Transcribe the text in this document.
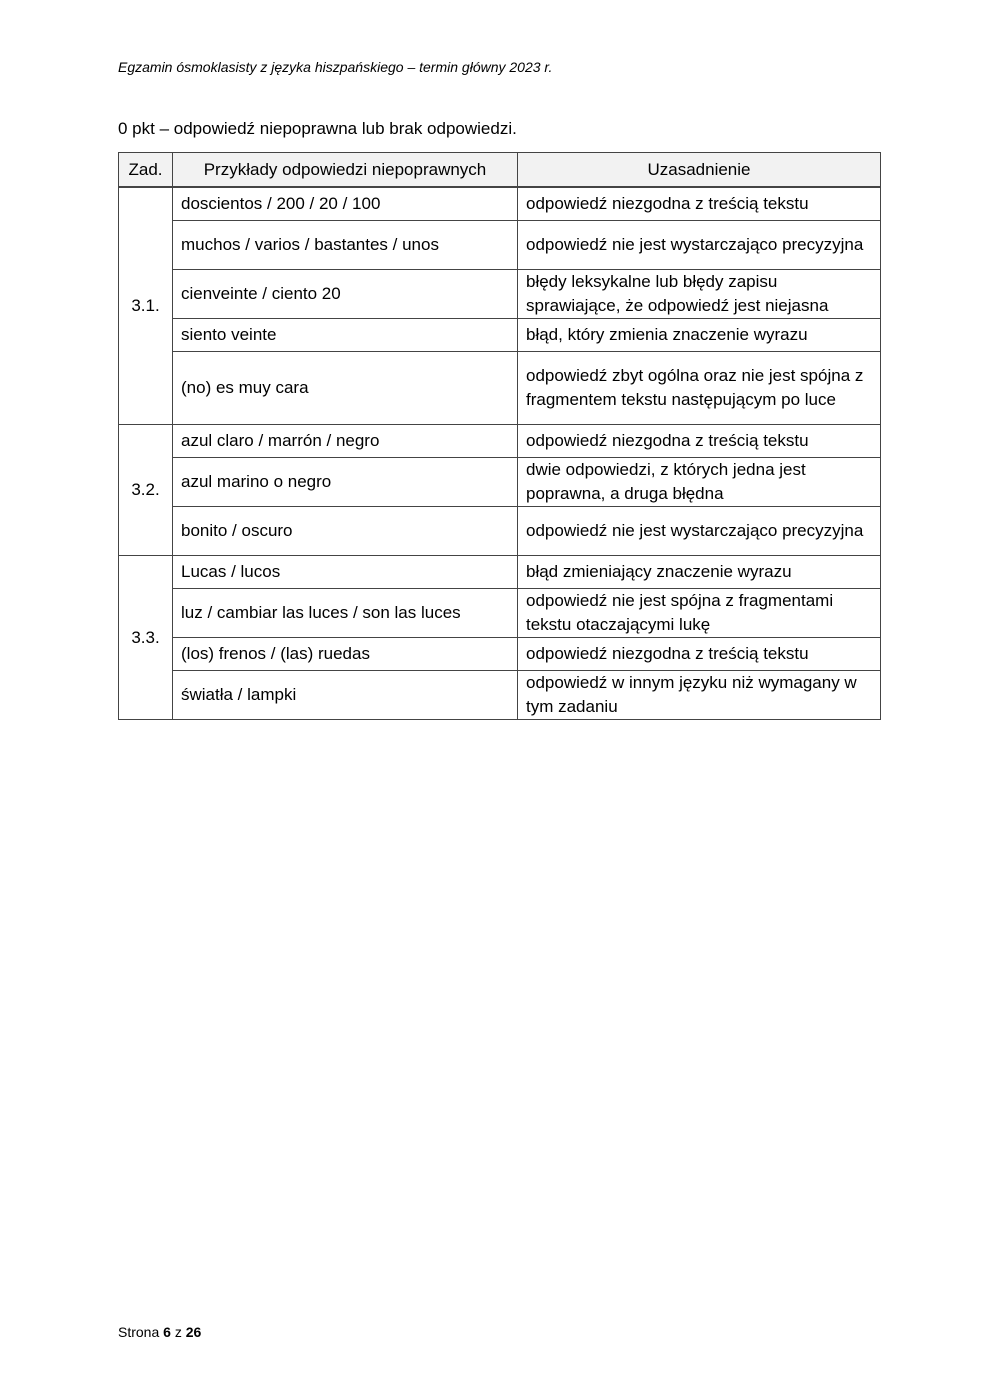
Egzamin ósmoklasisty z języka hiszpańskiego – termin główny 2023 r.
0 pkt – odpowiedź niepoprawna lub brak odpowiedzi.
Zad.	Przykłady odpowiedzi niepoprawnych	Uzasadnienie
3.1.	doscientos / 200 / 20 / 100	odpowiedź niezgodna z treścią tekstu
	muchos / varios / bastantes / unos	odpowiedź nie jest wystarczająco precyzyjna
	cienveinte / ciento 20	błędy leksykalne lub błędy zapisu sprawiające, że odpowiedź jest niejasna
	siento veinte	błąd, który zmienia znaczenie wyrazu
	(no) es muy cara	odpowiedź zbyt ogólna oraz nie jest spójna z fragmentem tekstu następującym po luce
3.2.	azul claro / marrón / negro	odpowiedź niezgodna z treścią tekstu
	azul marino o negro	dwie odpowiedzi, z których jedna jest poprawna, a druga błędna
	bonito / oscuro	odpowiedź nie jest wystarczająco precyzyjna
3.3.	Lucas / lucos	błąd zmieniający znaczenie wyrazu
	luz / cambiar las luces / son las luces	odpowiedź nie jest spójna z fragmentami tekstu otaczającymi lukę
	(los) frenos / (las) ruedas	odpowiedź niezgodna z treścią tekstu
	światła / lampki	odpowiedź w innym języku niż wymagany w tym zadaniu
Strona 6 z 26
